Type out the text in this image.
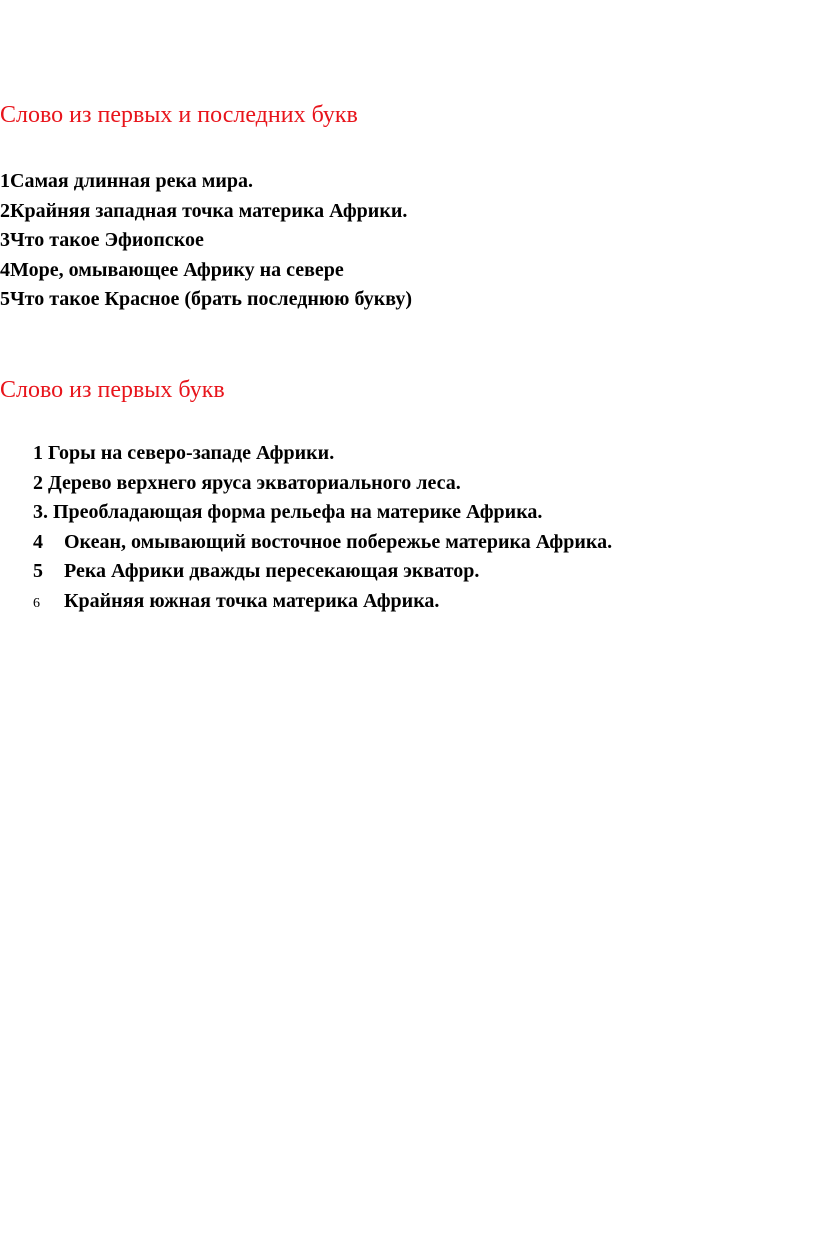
Слово из первых и последних букв
1Самая длинная река мира.
2Крайняя западная точка материка Африки.
3Что такое Эфиопское
4Море, омывающее Африку на севере
5Что такое Красное (брать последнюю букву)
Слово из первых букв
1 Горы на северо-западе Африки.
2 Дерево верхнего яруса экваториального леса.
3. Преобладающая форма рельефа на материке Африка.
4 Океан, омывающий восточное побережье материка Африка.
5 Река Африки дважды пересекающая экватор.
6 Крайняя южная точка материка Африка.
